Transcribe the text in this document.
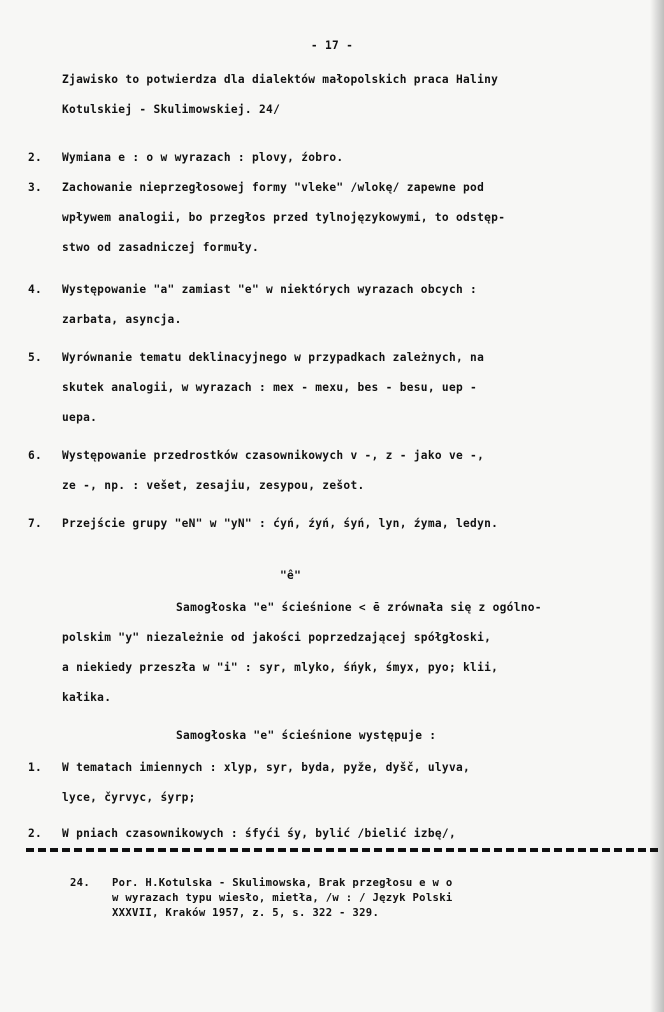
- 17 -
Zjawisko to potwierdza dla dialektów małopolskich praca Haliny
Kotulskiej - Skulimowskiej. 24/
2. Wymiana e : o w wyrazach : plovy, źobro.
3. Zachowanie nieprzegłosowej formy "vleke" /wlokę/ zapewne pod
wpływem analogii, bo przegłos przed tylnojęzykowymi, to odstęp-
stwo od zasadniczej formuły.
4. Występowanie "a" zamiast "e" w niektórych wyrazach obcych :
zarbata, asyncja.
5. Wyrównanie tematu deklinacyjnego w przypadkach zależnych, na
skutek analogii, w wyrazach : mex - mexu, bes - besu, uep -
uepa.
6. Występowanie przedrostków czasownikowych v -, z - jako ve -,
ze -, np. : vešet, zesajiu, zesypou, zešot.
7. Przejście grupy "eN" w "yN" : ćyń, źyń, śyń, lyn, źyma, ledyn.
"ê"
Samogłoska "e" ścieśnione < ē zrównała się z ogólno-
polskim "y" niezależnie od jakości poprzedzającej spółgłoski,
a niekiedy przeszła w "i" : syr, mlyko, śńyk, śmyx, pyo; klii,
kałika.
Samogłoska "e" ścieśnione występuje :
1. W tematach imiennych : xlyp, syr, byda, pyže, dyšč, ulyva,
lyce, čyrvyc, śyrp;
2. W pniach czasownikowych : śfyći śy, bylić /bielić izbę/,
24. Por. H.Kotulska - Skulimowska, Brak przegłosu e w o
w wyrazach typu wiesło, mietła, /w : / Język Polski
XXXVII, Kraków 1957, z. 5, s. 322 - 329.
